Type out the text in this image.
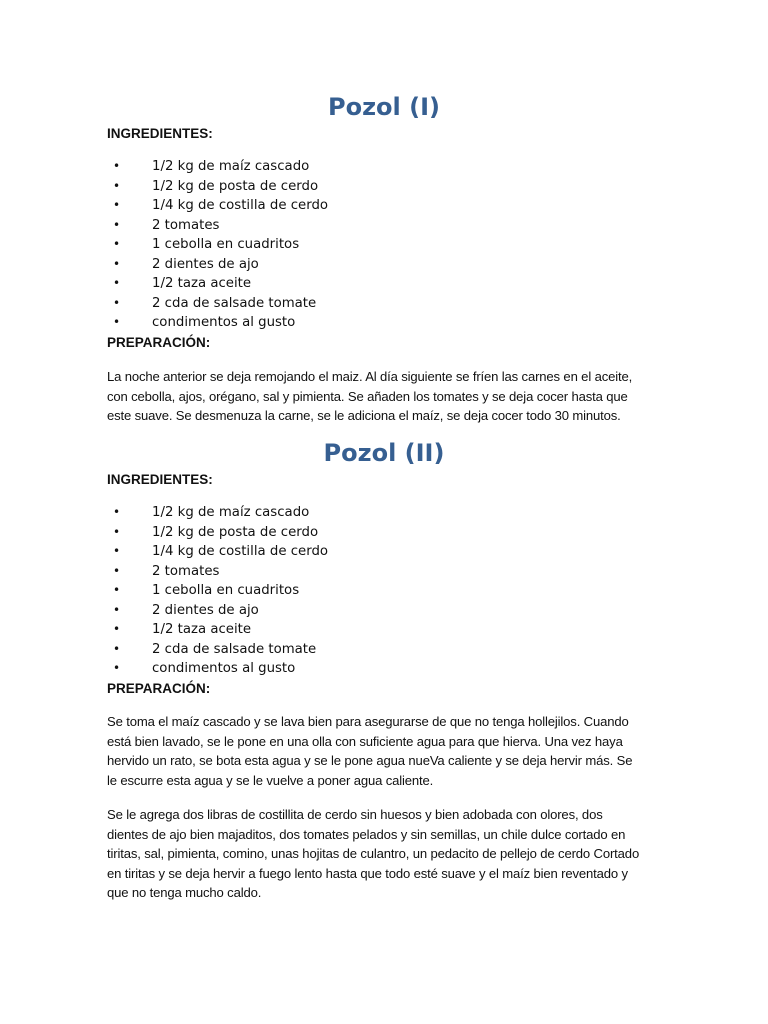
Pozol (I)
INGREDIENTES:
• 1/2 kg de maíz cascado
• 1/2 kg de posta de cerdo
• 1/4 kg de costilla de cerdo
• 2 tomates
• 1 cebolla en cuadritos
• 2 dientes de ajo
• 1/2 taza aceite
• 2 cda de salsade tomate
• condimentos al gusto
PREPARACIÓN:

La noche anterior se deja remojando el maiz. Al día siguiente se fríen las carnes en el aceite,
con cebolla, ajos, orégano, sal y pimienta. Se añaden los tomates y se deja cocer hasta que
este suave. Se desmenuza la carne, se le adiciona el maíz, se deja cocer todo 30 minutos.

Pozol (II)
INGREDIENTES:
• 1/2 kg de maíz cascado
• 1/2 kg de posta de cerdo
• 1/4 kg de costilla de cerdo
• 2 tomates
• 1 cebolla en cuadritos
• 2 dientes de ajo
• 1/2 taza aceite
• 2 cda de salsade tomate
• condimentos al gusto
PREPARACIÓN:

Se toma el maíz cascado y se lava bien para asegurarse de que no tenga hollejilos. Cuando
está bien lavado, se le pone en una olla con suficiente agua para que hierva. Una vez haya
hervido un rato, se bota esta agua y se le pone agua nueVa caliente y se deja hervir más. Se
le escurre esta agua y se le vuelve a poner agua caliente.

Se le agrega dos libras de costillita de cerdo sin huesos y bien adobada con olores, dos
dientes de ajo bien majaditos, dos tomates pelados y sin semillas, un chile dulce cortado en
tiritas, sal, pimienta, comino, unas hojitas de culantro, un pedacito de pellejo de cerdo Cortado
en tiritas y se deja hervir a fuego lento hasta que todo esté suave y el maíz bien reventado y
que no tenga mucho caldo.
